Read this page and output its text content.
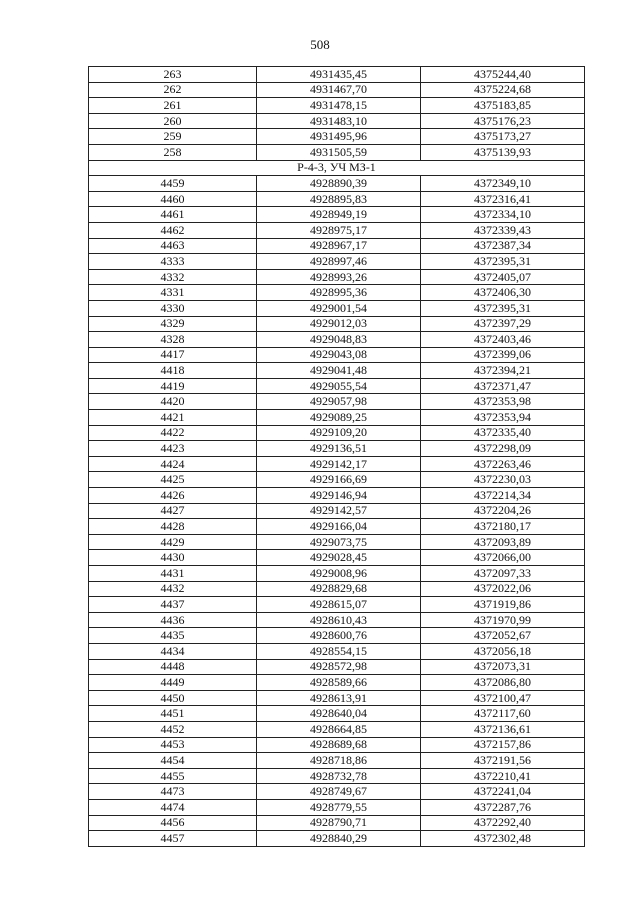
508
263	4931435,45	4375244,40
262	4931467,70	4375224,68
261	4931478,15	4375183,85
260	4931483,10	4375176,23
259	4931495,96	4375173,27
258	4931505,59	4375139,93
Р-4-3, УЧ МЗ-1		
4459	4928890,39	4372349,10
4460	4928895,83	4372316,41
4461	4928949,19	4372334,10
4462	4928975,17	4372339,43
4463	4928967,17	4372387,34
4333	4928997,46	4372395,31
4332	4928993,26	4372405,07
4331	4928995,36	4372406,30
4330	4929001,54	4372395,31
4329	4929012,03	4372397,29
4328	4929048,83	4372403,46
4417	4929043,08	4372399,06
4418	4929041,48	4372394,21
4419	4929055,54	4372371,47
4420	4929057,98	4372353,98
4421	4929089,25	4372353,94
4422	4929109,20	4372335,40
4423	4929136,51	4372298,09
4424	4929142,17	4372263,46
4425	4929166,69	4372230,03
4426	4929146,94	4372214,34
4427	4929142,57	4372204,26
4428	4929166,04	4372180,17
4429	4929073,75	4372093,89
4430	4929028,45	4372066,00
4431	4929008,96	4372097,33
4432	4928829,68	4372022,06
4437	4928615,07	4371919,86
4436	4928610,43	4371970,99
4435	4928600,76	4372052,67
4434	4928554,15	4372056,18
4448	4928572,98	4372073,31
4449	4928589,66	4372086,80
4450	4928613,91	4372100,47
4451	4928640,04	4372117,60
4452	4928664,85	4372136,61
4453	4928689,68	4372157,86
4454	4928718,86	4372191,56
4455	4928732,78	4372210,41
4473	4928749,67	4372241,04
4474	4928779,55	4372287,76
4456	4928790,71	4372292,40
4457	4928840,29	4372302,48
